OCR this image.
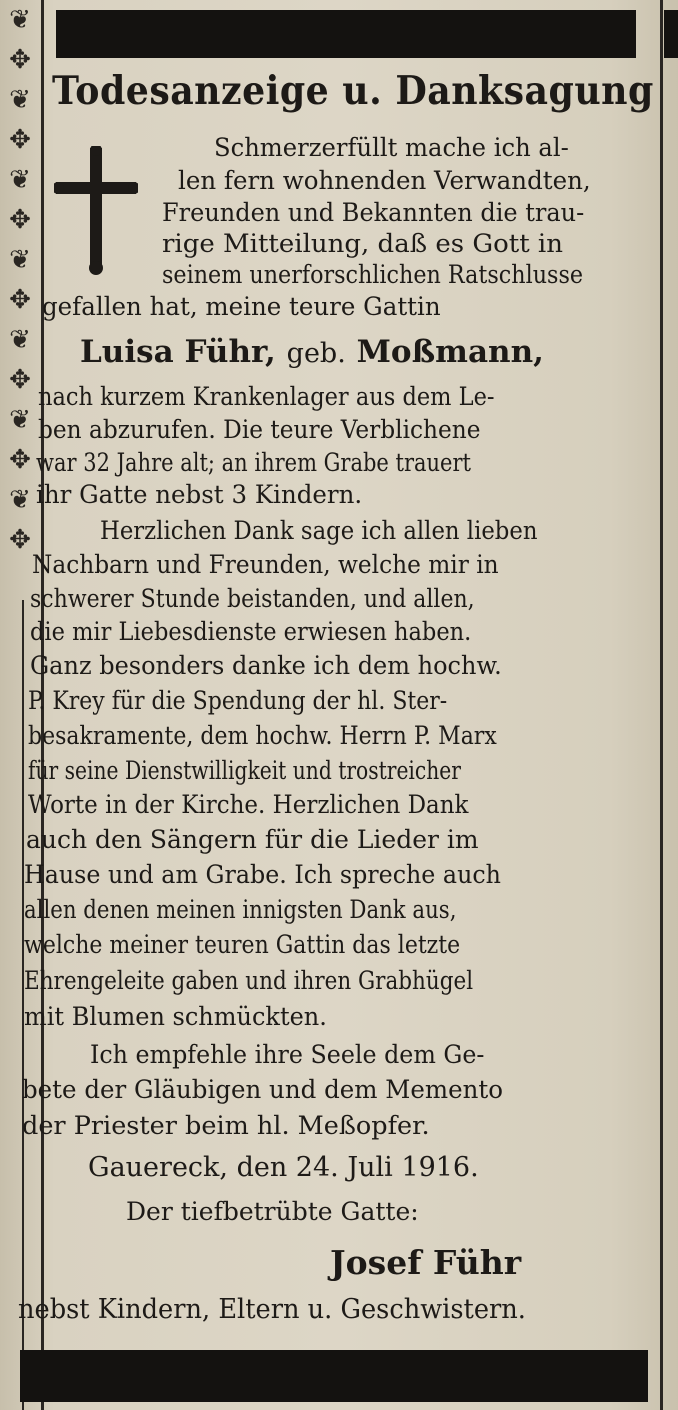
❦
✥
❦
✥
❦
✥
❦
✥
❦
✥
❦
✥
❦
✥
Todesanzeige u. Danksagung
Schmerzerfüllt mache ich al-
len fern wohnenden Verwandten,
Freunden und Bekannten die trau-
rige Mitteilung, daß es Gott in
seinem unerforschlichen Ratschlusse
gefallen hat, meine teure Gattin
Luisa Führ, geb. Moßmann,
nach kurzem Krankenlager aus dem Le-
ben abzurufen. Die teure Verblichene
war 32 Jahre alt; an ihrem Grabe trauert
ihr Gatte nebst 3 Kindern.
Herzlichen Dank sage ich allen lieben
Nachbarn und Freunden, welche mir in
schwerer Stunde beistanden, und allen,
die mir Liebesdienste erwiesen haben.
Ganz besonders danke ich dem hochw.
P. Krey für die Spendung der hl. Ster-
besakramente, dem hochw. Herrn P. Marx
für seine Dienstwilligkeit und trostreicher
Worte in der Kirche. Herzlichen Dank
auch den Sängern für die Lieder im
Hause und am Grabe. Ich spreche auch
allen denen meinen innigsten Dank aus,
welche meiner teuren Gattin das letzte
Ehrengeleite gaben und ihren Grabhügel
mit Blumen schmückten.
Ich empfehle ihre Seele dem Ge-
bete der Gläubigen und dem Memento
der Priester beim hl. Meßopfer.
Gauereck, den 24. Juli 1916.
Der tiefbetrübte Gatte:
Josef Führ
nebst Kindern, Eltern u. Geschwistern.
